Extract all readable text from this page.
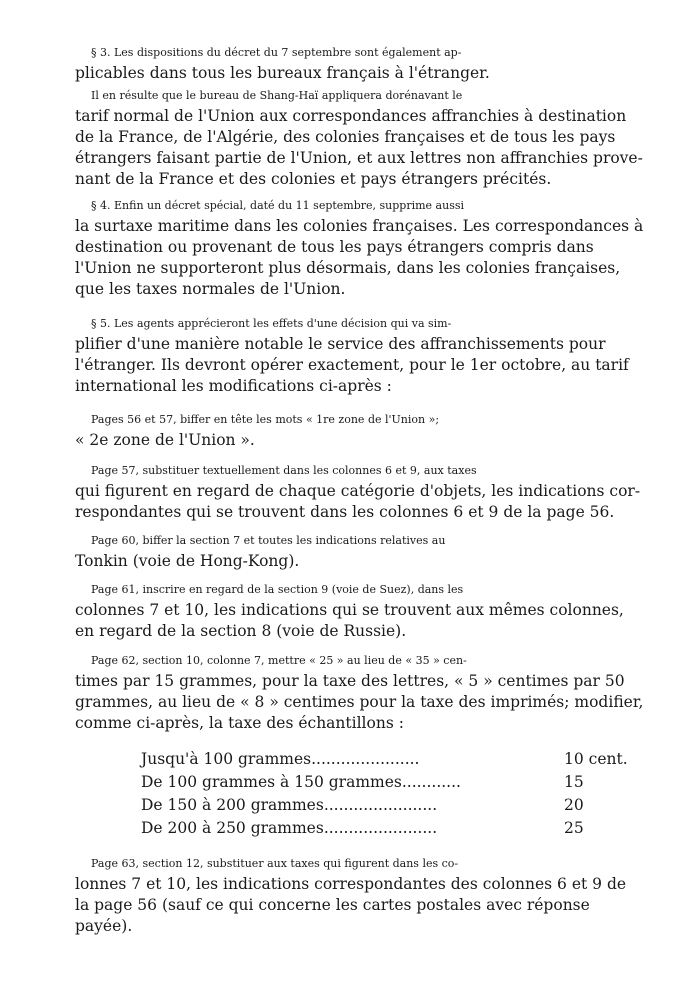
§ 3. Les dispositions du décret du 7 septembre sont également ap-
plicables dans tous les bureaux français à l'étranger.
Il en résulte que le bureau de Shang-Haï appliquera dorénavant le
tarif normal de l'Union aux correspondances affranchies à destination
de la France, de l'Algérie, des colonies françaises et de tous les pays
étrangers faisant partie de l'Union, et aux lettres non affranchies prove-
nant de la France et des colonies et pays étrangers précités.
§ 4. Enfin un décret spécial, daté du 11 septembre, supprime aussi
la surtaxe maritime dans les colonies françaises. Les correspondances à
destination ou provenant de tous les pays étrangers compris dans
l'Union ne supporteront plus désormais, dans les colonies françaises,
que les taxes normales de l'Union.
§ 5. Les agents apprécieront les effets d'une décision qui va sim-
plifier d'une manière notable le service des affranchissements pour
l'étranger. Ils devront opérer exactement, pour le 1er octobre, au tarif
international les modifications ci-après :
Pages 56 et 57, biffer en tête les mots « 1re zone de l'Union »;
« 2e zone de l'Union ».
Page 57, substituer textuellement dans les colonnes 6 et 9, aux taxes
qui figurent en regard de chaque catégorie d'objets, les indications cor-
respondantes qui se trouvent dans les colonnes 6 et 9 de la page 56.
Page 60, biffer la section 7 et toutes les indications relatives au
Tonkin (voie de Hong-Kong).
Page 61, inscrire en regard de la section 9 (voie de Suez), dans les
colonnes 7 et 10, les indications qui se trouvent aux mêmes colonnes,
en regard de la section 8 (voie de Russie).
Page 62, section 10, colonne 7, mettre « 25 » au lieu de « 35 » cen-
times par 15 grammes, pour la taxe des lettres, « 5 » centimes par 50
grammes, au lieu de « 8 » centimes pour la taxe des imprimés; modifier,
comme ci-après, la taxe des échantillons :
Jusqu'à 100 grammes......................	10 cent.
De 100 grammes à 150 grammes............	15
De 150 à 200 grammes.......................	20
De 200 à 250 grammes.......................	25
Page 63, section 12, substituer aux taxes qui figurent dans les co-
lonnes 7 et 10, les indications correspondantes des colonnes 6 et 9 de
la page 56 (sauf ce qui concerne les cartes postales avec réponse
payée).
